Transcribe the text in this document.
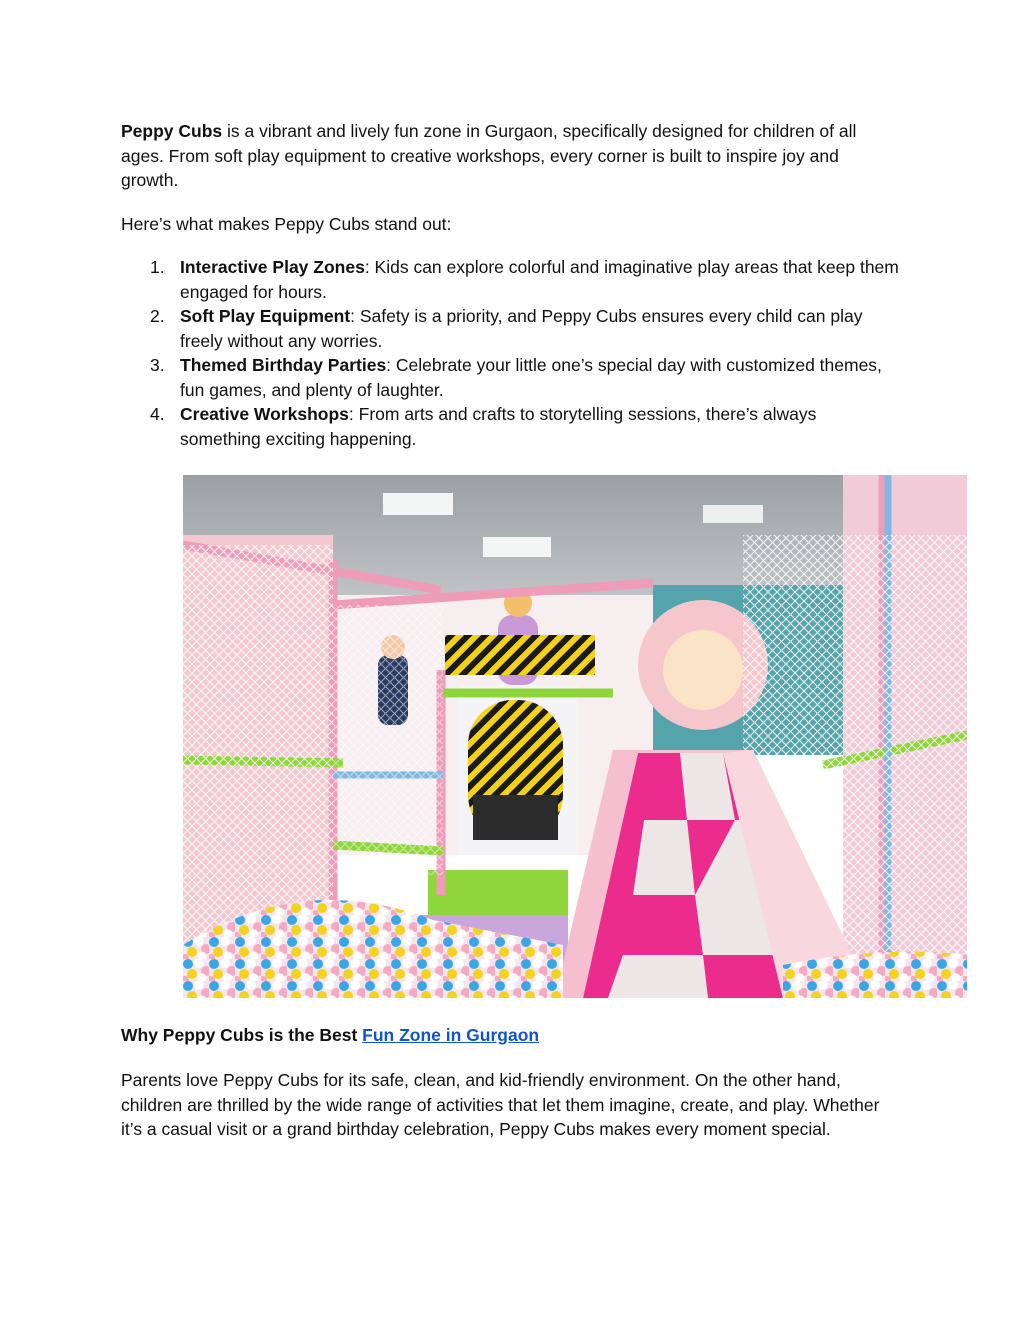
Peppy Cubs is a vibrant and lively fun zone in Gurgaon, specifically designed for children of all ages. From soft play equipment to creative workshops, every corner is built to inspire joy and growth.

Here’s what makes Peppy Cubs stand out:

1. Interactive Play Zones: Kids can explore colorful and imaginative play areas that keep them engaged for hours.
2. Soft Play Equipment: Safety is a priority, and Peppy Cubs ensures every child can play freely without any worries.
3. Themed Birthday Parties: Celebrate your little one’s special day with customized themes, fun games, and plenty of laughter.
4. Creative Workshops: From arts and crafts to storytelling sessions, there’s always something exciting happening.

Why Peppy Cubs is the Best Fun Zone in Gurgaon

Parents love Peppy Cubs for its safe, clean, and kid-friendly environment. On the other hand, children are thrilled by the wide range of activities that let them imagine, create, and play. Whether it’s a casual visit or a grand birthday celebration, Peppy Cubs makes every moment special.
